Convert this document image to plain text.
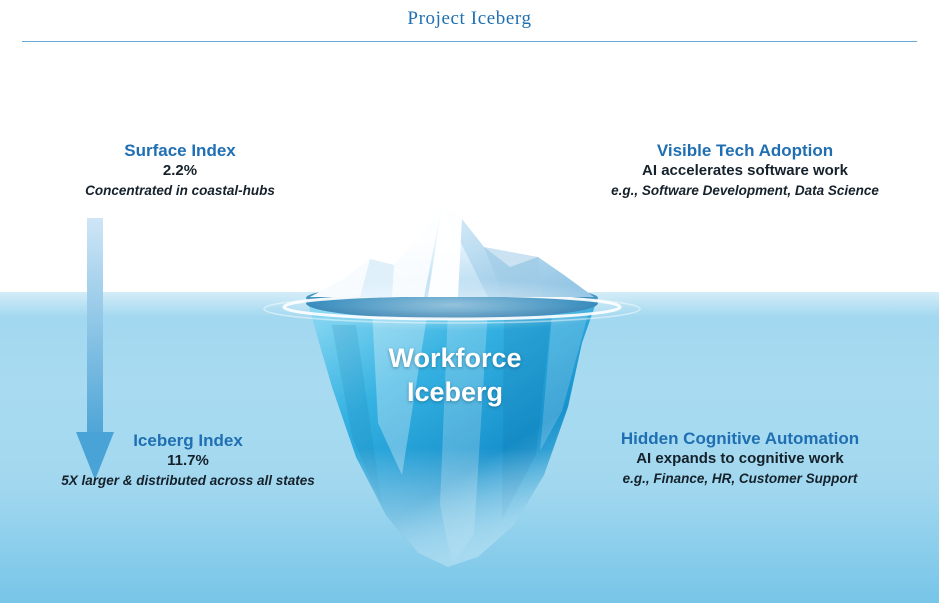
Project Iceberg
Surface Index
2.2%
Concentrated in coastal-hubs
Visible Tech Adoption
AI accelerates software work
e.g., Software Development, Data Science
Iceberg Index
11.7%
5X larger & distributed across all states
Hidden Cognitive Automation
AI expands to cognitive work
e.g., Finance, HR, Customer Support
Workforce
Iceberg
